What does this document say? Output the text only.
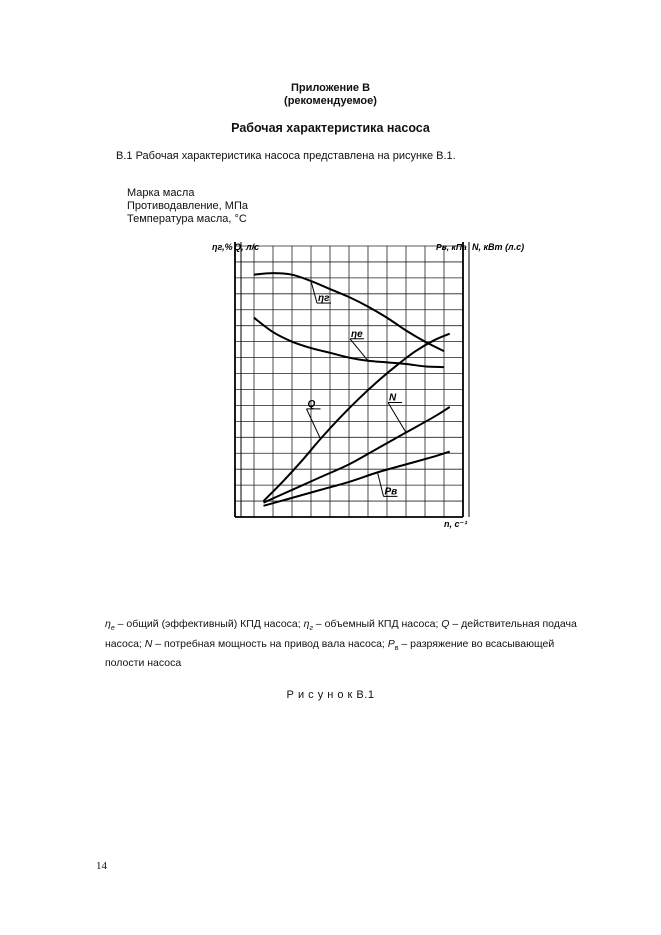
Приложение В
(рекомендуемое)
Рабочая характеристика насоса
В.1 Рабочая характеристика насоса представлена на рисунке В.1.
Марка масла
Противодавление, МПа
Температура масла, °С
ηг,% Q, л/с	Pв, кПа N, кВт (л.с)
n, с⁻¹
ηг
ηe
Q
N
Pв
$\eta_е$ – общий (эффективный) КПД насоса; $\eta_г$ – объемный КПД насоса; Q – действительная подача насоса; N – потребная мощность на привод вала насоса; $P_в$ – разряжение во всасывающей полости насоса
Р и с у н о к В.1
14
